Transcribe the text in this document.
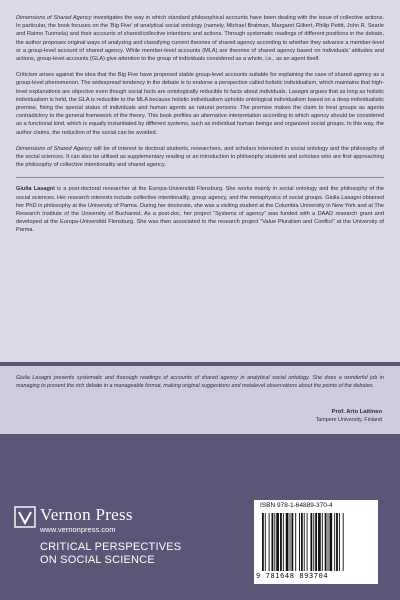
Dimensions of Shared Agency investigates the way in which standard philosophical accounts have been dealing with the issue of collective actions. In particular, the book focuses on the ‘Big Five’ of analytical social ontology (namely, Michael Bratman, Margaret Gilbert, Philip Pettit, John R. Searle and Raimo Tuomela) and their accounts of shared/collective intentions and actions. Through systematic readings of different positions in the debate, the author proposes original ways of analyzing and classifying current theories of shared agency according to whether they advance a member-level or a group-level account of shared agency. While member-level accounts (MLA) are theories of shared agency based on individuals’ attitudes and actions, group-level accounts (GLA) give attention to the group of individuals considered as a whole, i.e., as an agent itself.

Criticism arises against the idea that the Big Five have proposed stable group-level accounts suitable for explaining the case of shared agency as a group-level phenomenon. The widespread tendency in the debate is to endorse a perspective called holistic individualism, which maintains that high-level explanations are objective even though social facts are ontologically reducible to facts about individuals. Lasagni argues that as long as holistic individualism is held, the GLA is reducible to the MLA because holistic individualism upholds ontological individualism based on a deep individualistic premise, fixing the special status of individuals and human agents as natural persons. The premise makes the claim to treat groups as agents contradictory to the general framework of the theory. This book profiles an alternative interpretation according to which agency should be considered as a functional kind, which is equally instantiated by different systems, such as individual human beings and organized social groups. In this way, the author claims, the reduction of the social can be avoided.

Dimensions of Shared Agency will be of interest to doctoral students, researchers, and scholars interested in social ontology and the philosophy of the social sciences. It can also be utilised as supplementary reading or an introduction to philosophy students and scholars who are first approaching the philosophy of collective intentionality and shared agency.

Giulia Lasagni is a post-doctoral researcher at the Europa-Universität Flensburg. She works mainly in social ontology and the philosophy of the social sciences. Her research interests include collective intentionality, group agency, and the metaphysics of social groups. Giulia Lasagni obtained her PhD in philosophy at the University of Parma. During her doctorate, she was a visiting student at the Columbia University in New York and at The Research Institute of the University of Bucharest. As a post-doc, her project “Systems of agency” was funded with a DAAD research grant and developed at the Europa-Universität Flensburg. She was then associated to the research project “Value Pluralism and Conflict” at the University of Parma.

Giulia Lasagni presents systematic and thorough readings of accounts of shared agency in analytical social ontology. She does a wonderful job in managing to present the rich debate in a manageable format, making original suggestions and metalevel observations about the points of the debates.

Prof. Arto Laitinen
Tampere University, Finland
Vernon Press
www.vernonpress.com
CRITICAL PERSPECTIVES
ON SOCIAL SCIENCE
ISBN 978-1-64889-370-4
9 781648 893704
